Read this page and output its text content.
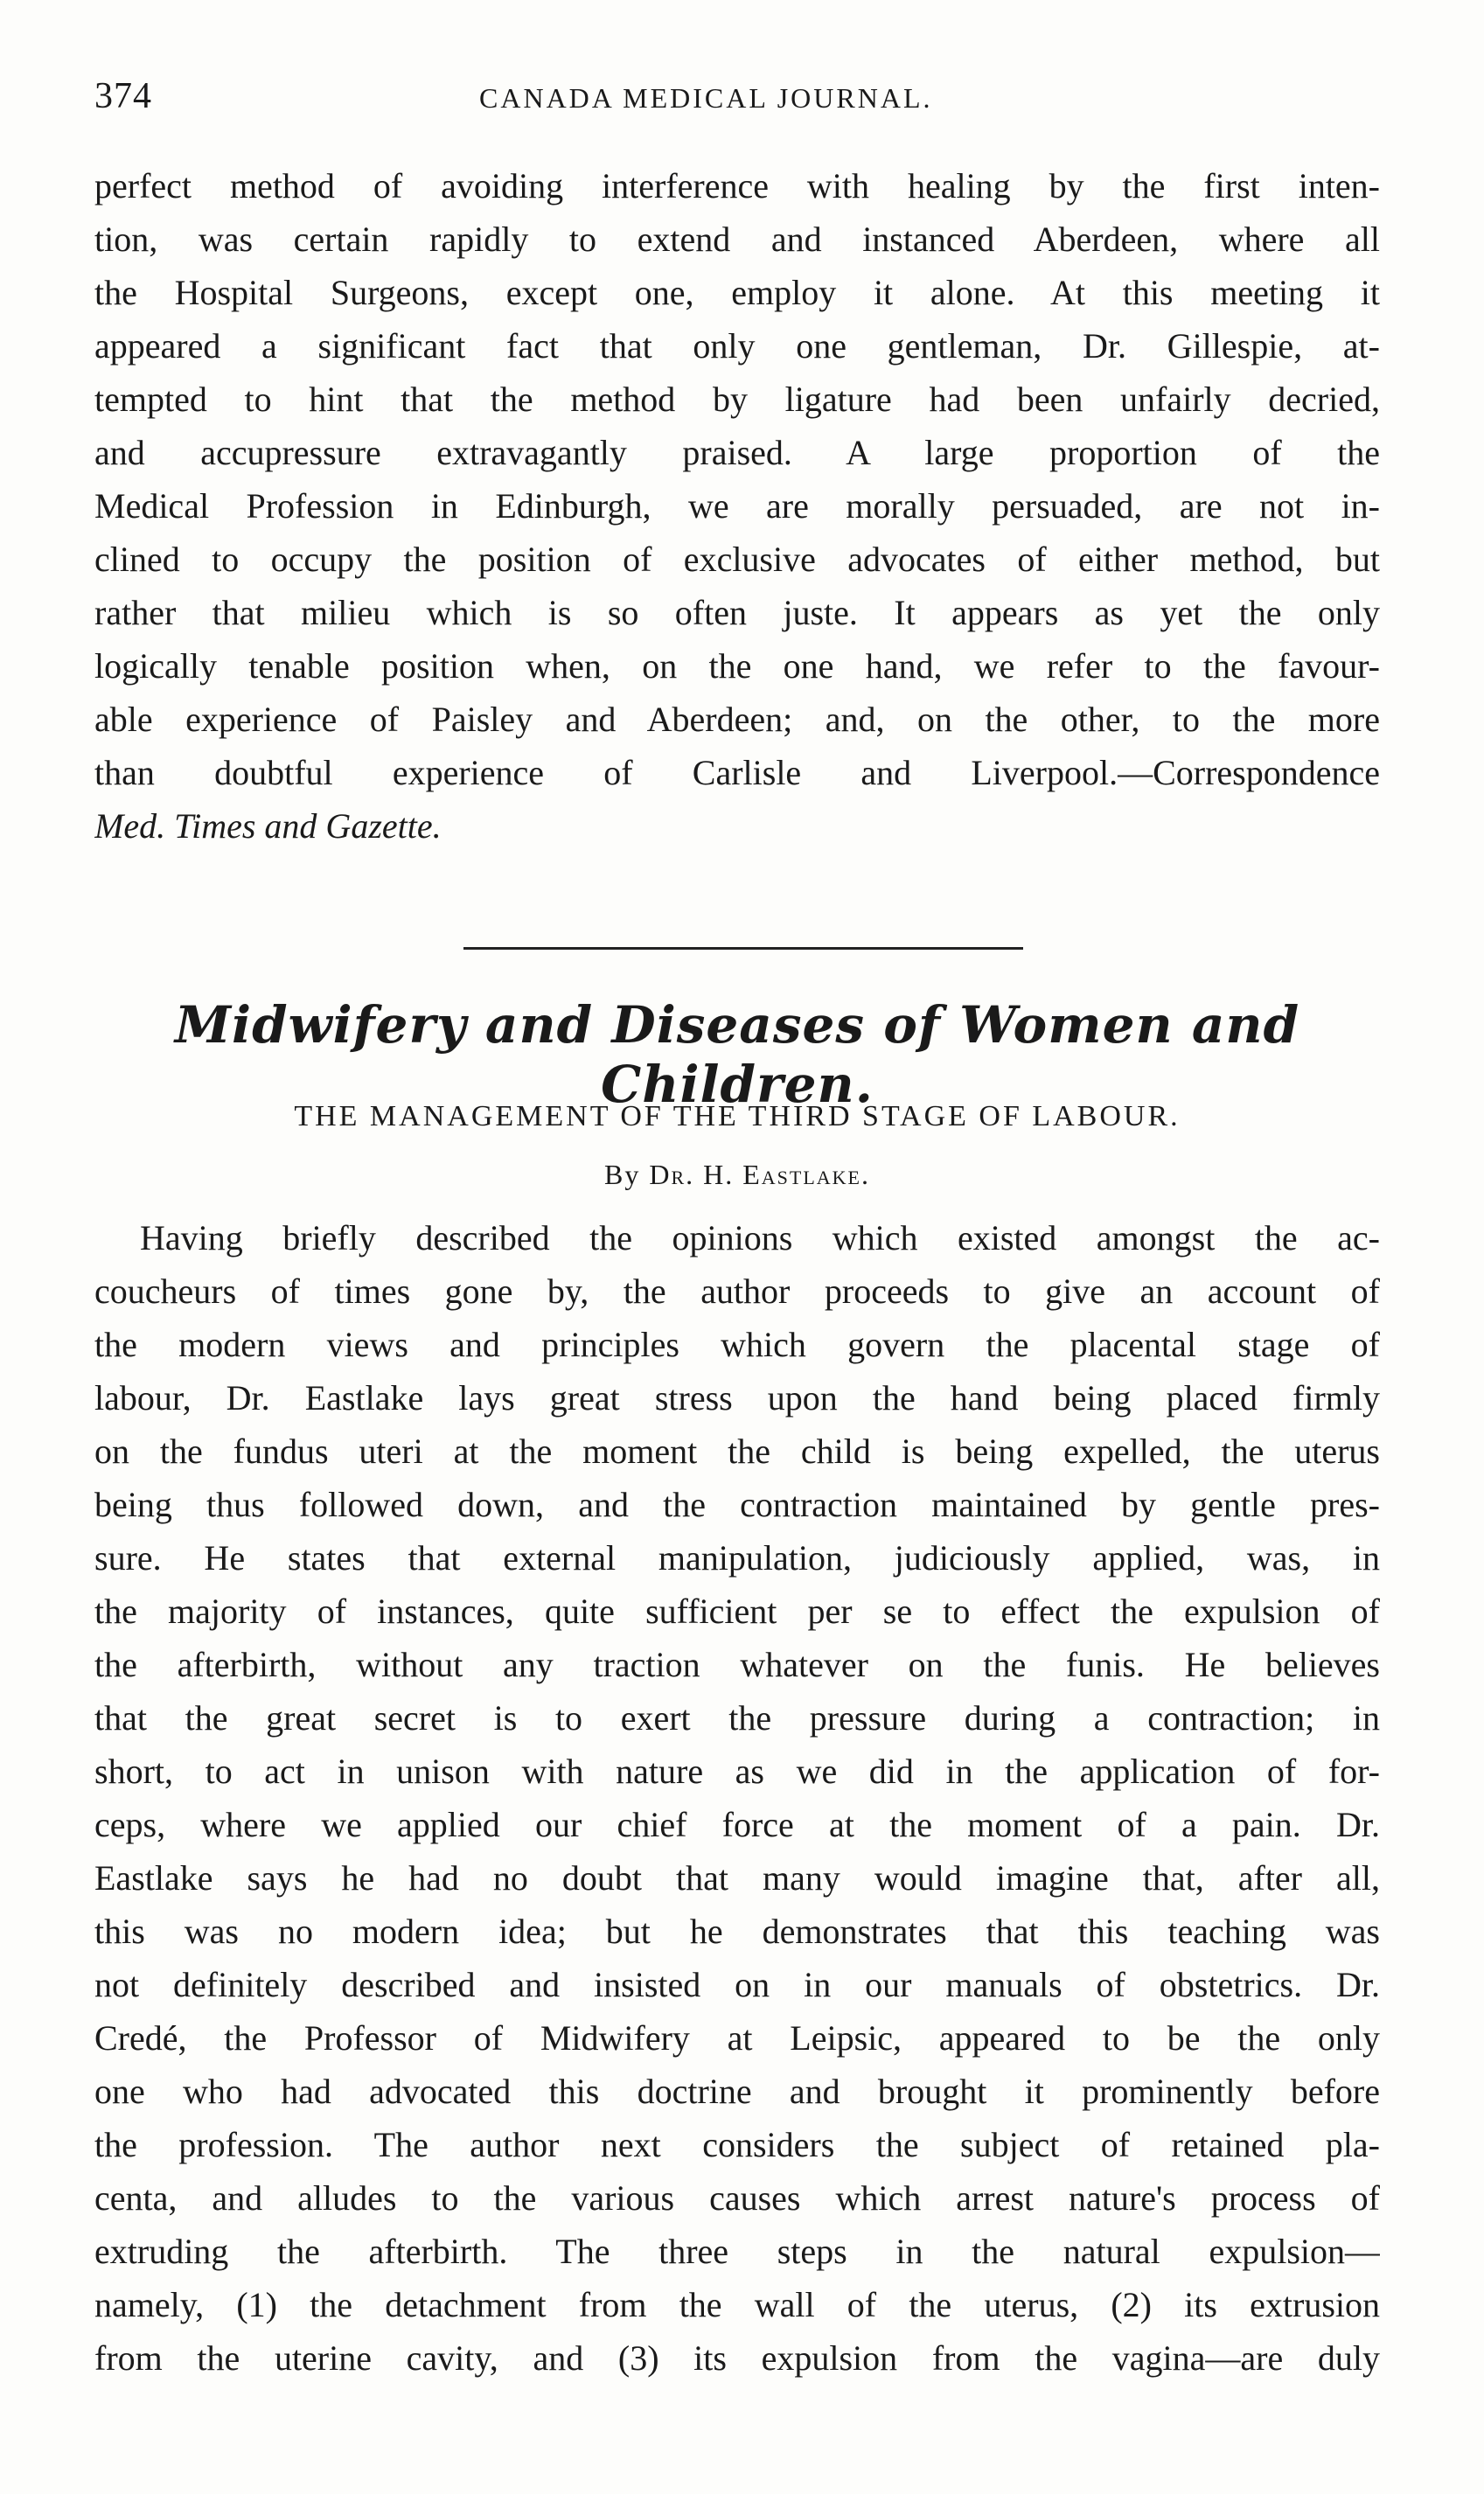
374	CANADA MEDICAL JOURNAL.
perfect method of avoiding interference with healing by the first inten-
tion, was certain rapidly to extend and instanced Aberdeen, where all
the Hospital Surgeons, except one, employ it alone. At this meeting it
appeared a significant fact that only one gentleman, Dr. Gillespie, at-
tempted to hint that the method by ligature had been unfairly decried,
and accupressure extravagantly praised. A large proportion of the
Medical Profession in Edinburgh, we are morally persuaded, are not in-
clined to occupy the position of exclusive advocates of either method, but
rather that milieu which is so often juste. It appears as yet the only
logically tenable position when, on the one hand, we refer to the favour-
able experience of Paisley and Aberdeen; and, on the other, to the more
than doubtful experience of Carlisle and Liverpool.—Correspondence
Med. Times and Gazette.
Midwifery and Diseases of Women and Children.
THE MANAGEMENT OF THE THIRD STAGE OF LABOUR.
By Dr. H. Eastlake.
Having briefly described the opinions which existed amongst the ac-
coucheurs of times gone by, the author proceeds to give an account of
the modern views and principles which govern the placental stage of
labour, Dr. Eastlake lays great stress upon the hand being placed firmly
on the fundus uteri at the moment the child is being expelled, the uterus
being thus followed down, and the contraction maintained by gentle pres-
sure. He states that external manipulation, judiciously applied, was, in
the majority of instances, quite sufficient per se to effect the expulsion of
the afterbirth, without any traction whatever on the funis. He believes
that the great secret is to exert the pressure during a contraction; in
short, to act in unison with nature as we did in the application of for-
ceps, where we applied our chief force at the moment of a pain. Dr.
Eastlake says he had no doubt that many would imagine that, after all,
this was no modern idea; but he demonstrates that this teaching was
not definitely described and insisted on in our manuals of obstetrics. Dr.
Credé, the Professor of Midwifery at Leipsic, appeared to be the only
one who had advocated this doctrine and brought it prominently before
the profession. The author next considers the subject of retained pla-
centa, and alludes to the various causes which arrest nature's process of
extruding the afterbirth. The three steps in the natural expulsion—
namely, (1) the detachment from the wall of the uterus, (2) its extrusion
from the uterine cavity, and (3) its expulsion from the vagina—are duly
